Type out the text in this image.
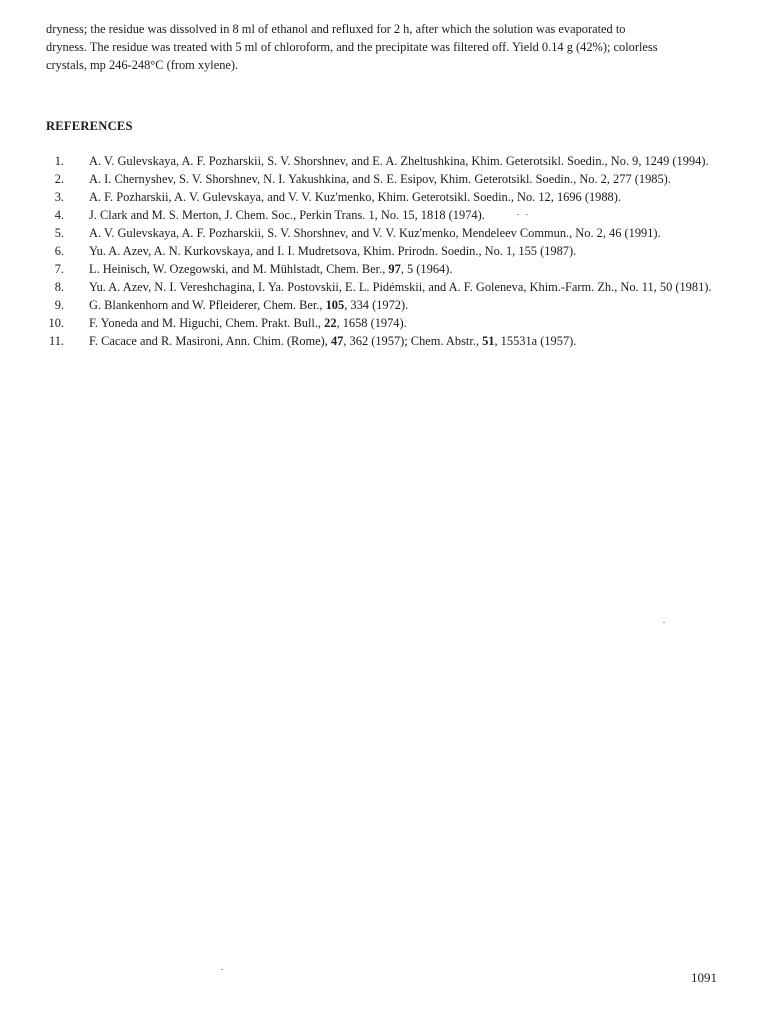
dryness; the residue was dissolved in 8 ml of ethanol and refluxed for 2 h, after which the solution was evaporated to
dryness. The residue was treated with 5 ml of chloroform, and the precipitate was filtered off. Yield 0.14 g (42%); colorless
crystals, mp 246-248°C (from xylene).
REFERENCES
1. A. V. Gulevskaya, A. F. Pozharskii, S. V. Shorshnev, and E. A. Zheltushkina, Khim. Geterotsikl. Soedin., No. 9, 1249 (1994).
2. A. I. Chernyshev, S. V. Shorshnev, N. I. Yakushkina, and S. E. Esipov, Khim. Geterotsikl. Soedin., No. 2, 277 (1985).
3. A. F. Pozharskii, A. V. Gulevskaya, and V. V. Kuz'menko, Khim. Geterotsikl. Soedin., No. 12, 1696 (1988).
4. J. Clark and M. S. Merton, J. Chem. Soc., Perkin Trans. 1, No. 15, 1818 (1974).
5. A. V. Gulevskaya, A. F. Pozharskii, S. V. Shorshnev, and V. V. Kuz'menko, Mendeleev Commun., No. 2, 46 (1991).
6. Yu. A. Azev, A. N. Kurkovskaya, and I. I. Mudretsova, Khim. Prirodn. Soedin., No. 1, 155 (1987).
7. L. Heinisch, W. Ozegowski, and M. Mühlstadt, Chem. Ber., 97, 5 (1964).
8. Yu. A. Azev, N. I. Vereshchagina, I. Ya. Postovskii, E. L. Pidémskii, and A. F. Goleneva, Khim.-Farm. Zh., No. 11, 50 (1981).
9. G. Blankenhorn and W. Pfleiderer, Chem. Ber., 105, 334 (1972).
10. F. Yoneda and M. Higuchi, Chem. Prakt. Bull., 22, 1658 (1974).
11. F. Cacace and R. Masironi, Ann. Chim. (Rome), 47, 362 (1957); Chem. Abstr., 51, 15531a (1957).
1091
